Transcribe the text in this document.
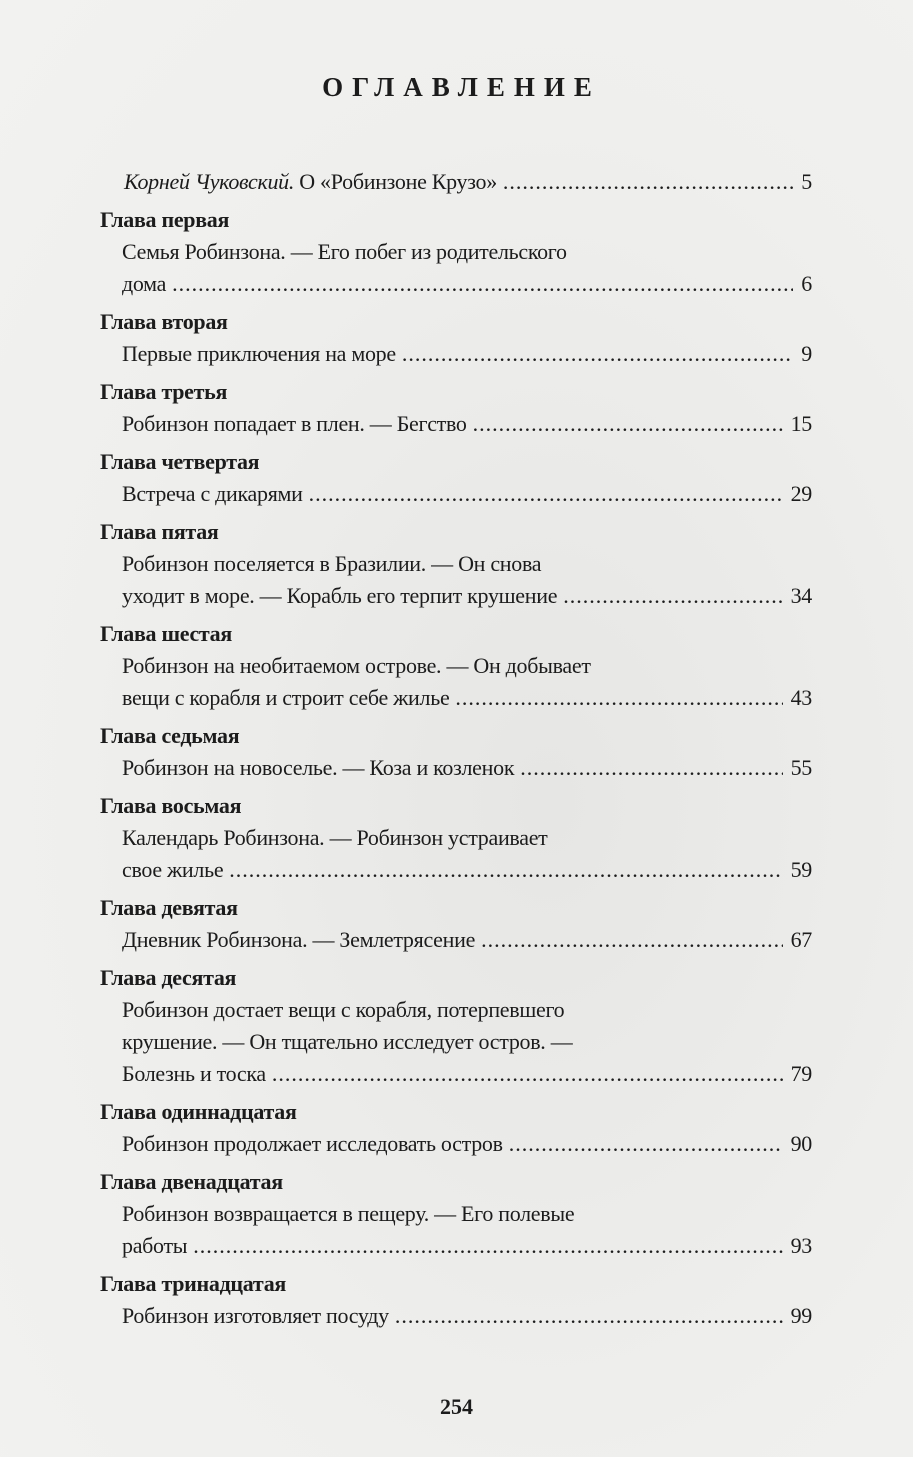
ОГЛАВЛЕНИЕ
Корней Чуковский. О «Робинзоне Крузо» .....	5
Глава первая
Семья Робинзона. — Его побег из родительского
дома .....	6
Глава вторая
Первые приключения на море .....	9
Глава третья
Робинзон попадает в плен. — Бегство .....	15
Глава четвертая
Встреча с дикарями .....	29
Глава пятая
Робинзон поселяется в Бразилии. — Он снова
уходит в море. — Корабль его терпит крушение .....	34
Глава шестая
Робинзон на необитаемом острове. — Он добывает
вещи с корабля и строит себе жилье .....	43
Глава седьмая
Робинзон на новоселье. — Коза и козленок .....	55
Глава восьмая
Календарь Робинзона. — Робинзон устраивает
свое жилье .....	59
Глава девятая
Дневник Робинзона. — Землетрясение .....	67
Глава десятая
Робинзон достает вещи с корабля, потерпевшего
крушение. — Он тщательно исследует остров. —
Болезнь и тоска .....	79
Глава одиннадцатая
Робинзон продолжает исследовать остров .....	90
Глава двенадцатая
Робинзон возвращается в пещеру. — Его полевые
работы .....	93
Глава тринадцатая
Робинзон изготовляет посуду .....	99
254
